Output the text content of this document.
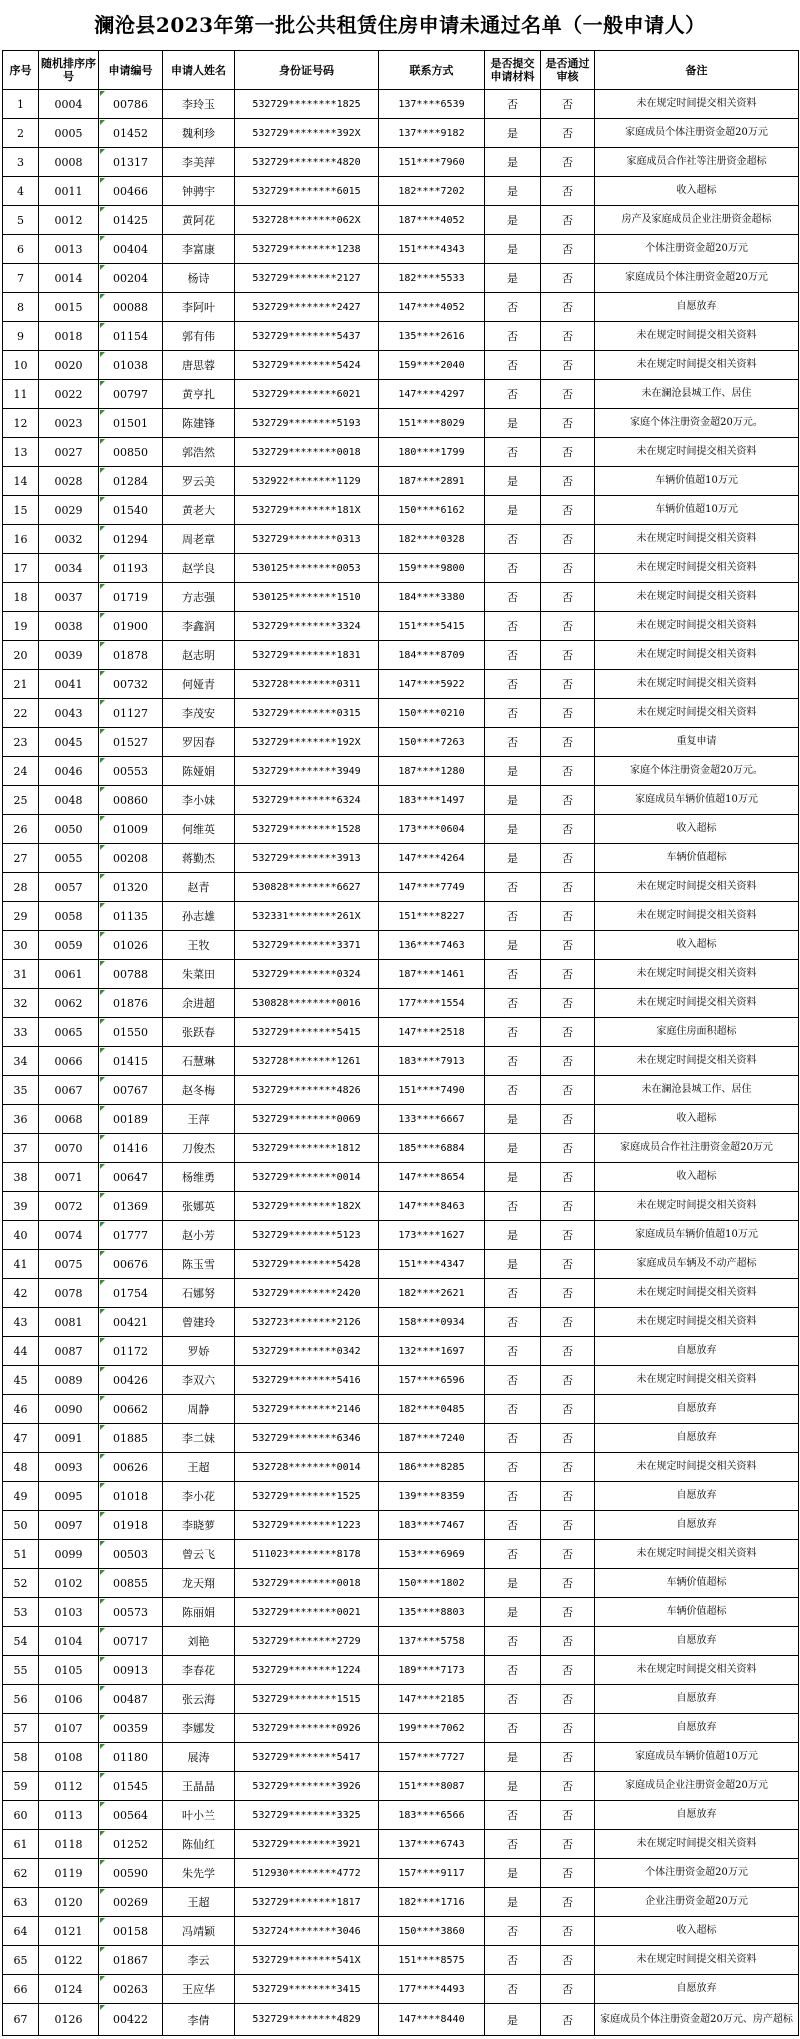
澜沧县2023年第一批公共租赁住房申请未通过名单（一般申请人）
序号	随机排序序号	申请编号	申请人姓名	身份证号码	联系方式	是否提交申请材料	是否通过审核	备注
1	0004	00786	李玲玉	532729********1825	137****6539	否	否	未在规定时间提交相关资料
2	0005	01452	魏利珍	532729********392X	137****9182	是	否	家庭成员个体注册资金超20万元
3	0008	01317	李美萍	532729********4820	151****7960	是	否	家庭成员合作社等注册资金超标
4	0011	00466	钟骋宇	532729********6015	182****7202	是	否	收入超标
5	0012	01425	黄阿花	532728********062X	187****4052	是	否	房产及家庭成员企业注册资金超标
6	0013	00404	李富康	532729********1238	151****4343	是	否	个体注册资金超20万元
7	0014	00204	杨诗	532729********2127	182****5533	是	否	家庭成员个体注册资金超20万元
8	0015	00088	李阿叶	532729********2427	147****4052	否	否	自愿放弃
9	0018	01154	郭有伟	532729********5437	135****2616	否	否	未在规定时间提交相关资料
10	0020	01038	唐思蓉	532729********5424	159****2040	否	否	未在规定时间提交相关资料
11	0022	00797	黄亨扎	532729********6021	147****4297	否	否	未在澜沧县城工作、居住
12	0023	01501	陈建锋	532729********5193	151****8029	是	否	家庭个体注册资金超20万元。
13	0027	00850	郭浩然	532729********0018	180****1799	否	否	未在规定时间提交相关资料
14	0028	01284	罗云美	532922********1129	187****2891	是	否	车辆价值超10万元
15	0029	01540	黄老大	532729********181X	150****6162	是	否	车辆价值超10万元
16	0032	01294	周老章	532729********0313	182****0328	否	否	未在规定时间提交相关资料
17	0034	01193	赵学良	530125********0053	159****9800	否	否	未在规定时间提交相关资料
18	0037	01719	方志强	530125********1510	184****3380	否	否	未在规定时间提交相关资料
19	0038	01900	李鑫润	532729********3324	151****5415	否	否	未在规定时间提交相关资料
20	0039	01878	赵志明	532729********1831	184****8709	否	否	未在规定时间提交相关资料
21	0041	00732	何娅青	532728********0311	147****5922	否	否	未在规定时间提交相关资料
22	0043	01127	李茂安	532729********0315	150****0210	否	否	未在规定时间提交相关资料
23	0045	01527	罗因春	532729********192X	150****7263	否	否	重复申请
24	0046	00553	陈娅娟	532729********3949	187****1280	是	否	家庭个体注册资金超20万元。
25	0048	00860	李小妹	532729********6324	183****1497	是	否	家庭成员车辆价值超10万元
26	0050	01009	何维英	532729********1528	173****0604	是	否	收入超标
27	0055	00208	蒋勤杰	532729********3913	147****4264	是	否	车辆价值超标
28	0057	01320	赵青	530828********6627	147****7749	否	否	未在规定时间提交相关资料
29	0058	01135	孙志雄	532331********261X	151****8227	否	否	未在规定时间提交相关资料
30	0059	01026	王牧	532729********3371	136****7463	是	否	收入超标
31	0061	00788	朱菜田	532729********0324	187****1461	否	否	未在规定时间提交相关资料
32	0062	01876	余进超	530828********0016	177****1554	否	否	未在规定时间提交相关资料
33	0065	01550	张跃春	532729********5415	147****2518	否	否	家庭住房面积超标
34	0066	01415	石慧琳	532728********1261	183****7913	否	否	未在规定时间提交相关资料
35	0067	00767	赵冬梅	532729********4826	151****7490	否	否	未在澜沧县城工作、居住
36	0068	00189	王萍	532729********0069	133****6667	是	否	收入超标
37	0070	01416	刀俊杰	532729********1812	185****6884	是	否	家庭成员合作社注册资金超20万元
38	0071	00647	杨维勇	532729********0014	147****8654	是	否	收入超标
39	0072	01369	张娜英	532729********182X	147****8463	否	否	未在规定时间提交相关资料
40	0074	01777	赵小芳	532729********5123	173****1627	是	否	家庭成员车辆价值超10万元
41	0075	00676	陈玉雪	532729********5428	151****4347	是	否	家庭成员车辆及不动产超标
42	0078	01754	石娜努	532729********2420	182****2621	否	否	未在规定时间提交相关资料
43	0081	00421	曾建玲	532723********2126	158****0934	否	否	未在规定时间提交相关资料
44	0087	01172	罗娇	532729********0342	132****1697	否	否	自愿放弃
45	0089	00426	李双六	532729********5416	157****6596	否	否	未在规定时间提交相关资料
46	0090	00662	周静	532729********2146	182****0485	否	否	自愿放弃
47	0091	01885	李二妹	532729********6346	187****7240	否	否	自愿放弃
48	0093	00626	王超	532728********0014	186****8285	否	否	未在规定时间提交相关资料
49	0095	01018	李小花	532729********1525	139****8359	否	否	自愿放弃
50	0097	01918	李晓萝	532729********1223	183****7467	否	否	自愿放弃
51	0099	00503	曾云飞	511023********8178	153****6969	否	否	未在规定时间提交相关资料
52	0102	00855	龙天翔	532729********0018	150****1802	是	否	车辆价值超标
53	0103	00573	陈丽娟	532729********0021	135****8803	是	否	车辆价值超标
54	0104	00717	刘艳	532729********2729	137****5758	否	否	自愿放弃
55	0105	00913	李春花	532729********1224	189****7173	否	否	未在规定时间提交相关资料
56	0106	00487	张云海	532729********1515	147****2185	否	否	自愿放弃
57	0107	00359	李娜发	532729********0926	199****7062	否	否	自愿放弃
58	0108	01180	展涛	532729********5417	157****7727	是	否	家庭成员车辆价值超10万元
59	0112	01545	王晶晶	532729********3926	151****8087	是	否	家庭成员企业注册资金超20万元
60	0113	00564	叶小兰	532729********3325	183****6566	否	否	自愿放弃
61	0118	01252	陈仙红	532729********3921	137****6743	否	否	未在规定时间提交相关资料
62	0119	00590	朱先学	512930********4772	157****9117	是	否	个体注册资金超20万元
63	0120	00269	王超	532729********1817	182****1716	是	否	企业注册资金超20万元
64	0121	00158	冯靖颖	532724********3046	150****3860	否	否	收入超标
65	0122	01867	李云	532729********541X	151****8575	否	否	未在规定时间提交相关资料
66	0124	00263	王应华	532729********3415	177****4493	否	否	自愿放弃
67	0126	00422	李倩	532729********4829	147****8440	是	否	家庭成员个体注册资金超20万元、房产超标
